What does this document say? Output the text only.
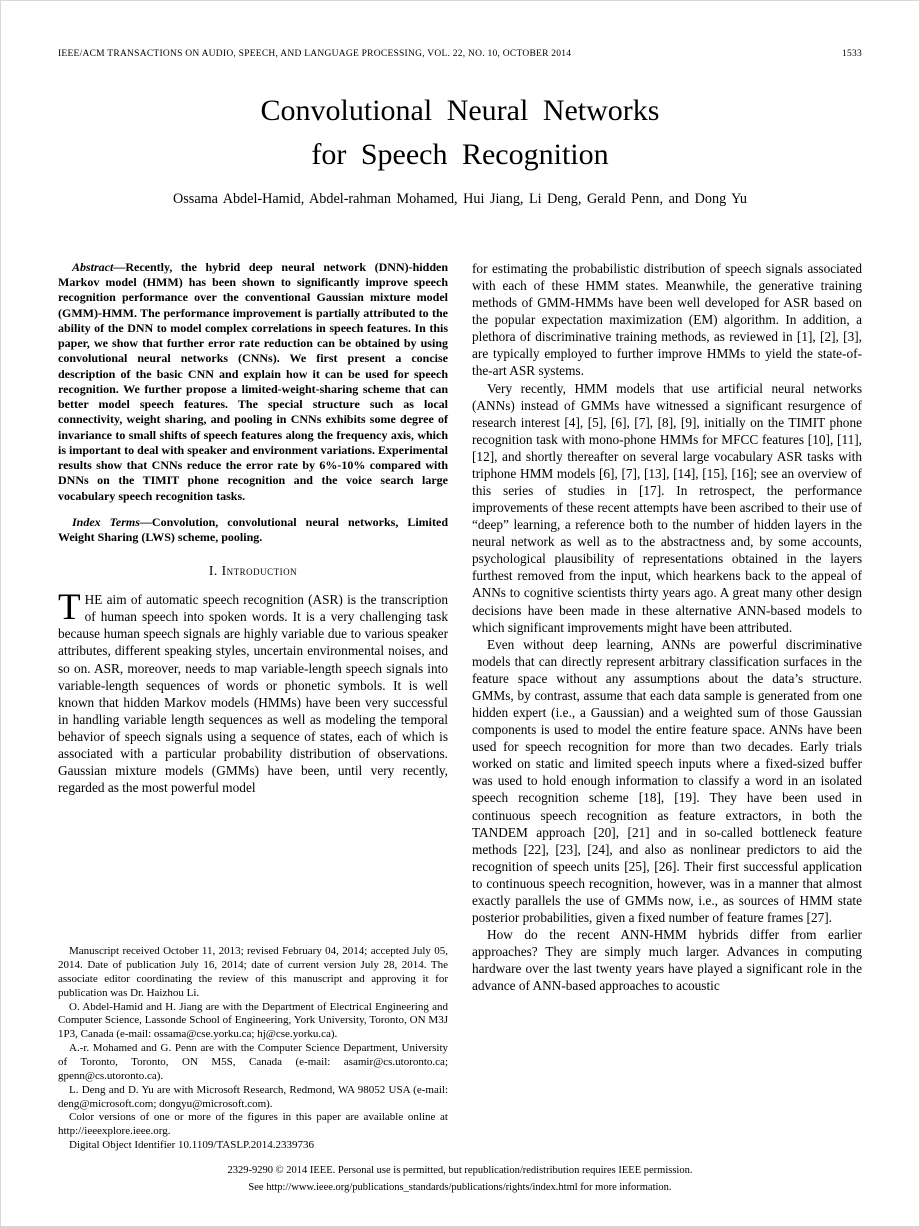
IEEE/ACM TRANSACTIONS ON AUDIO, SPEECH, AND LANGUAGE PROCESSING, VOL. 22, NO. 10, OCTOBER 2014	1533
Convolutional Neural Networks
for Speech Recognition
Ossama Abdel-Hamid, Abdel-rahman Mohamed, Hui Jiang, Li Deng, Gerald Penn, and Dong Yu

Abstract—Recently, the hybrid deep neural network (DNN)-hidden Markov model (HMM) has been shown to significantly improve speech recognition performance over the conventional Gaussian mixture model (GMM)-HMM. The performance improvement is partially attributed to the ability of the DNN to model complex correlations in speech features. In this paper, we show that further error rate reduction can be obtained by using convolutional neural networks (CNNs). We first present a concise description of the basic CNN and explain how it can be used for speech recognition. We further propose a limited-weight-sharing scheme that can better model speech features. The special structure such as local connectivity, weight sharing, and pooling in CNNs exhibits some degree of invariance to small shifts of speech features along the frequency axis, which is important to deal with speaker and environment variations. Experimental results show that CNNs reduce the error rate by 6%-10% compared with DNNs on the TIMIT phone recognition and the voice search large vocabulary speech recognition tasks.

Index Terms—Convolution, convolutional neural networks, Limited Weight Sharing (LWS) scheme, pooling.

I. Introduction

THE aim of automatic speech recognition (ASR) is the transcription of human speech into spoken words. It is a very challenging task because human speech signals are highly variable due to various speaker attributes, different speaking styles, uncertain environmental noises, and so on. ASR, moreover, needs to map variable-length speech signals into variable-length sequences of words or phonetic symbols. It is well known that hidden Markov models (HMMs) have been very successful in handling variable length sequences as well as modeling the temporal behavior of speech signals using a sequence of states, each of which is associated with a particular probability distribution of observations. Gaussian mixture models (GMMs) have been, until very recently, regarded as the most powerful model

Manuscript received October 11, 2013; revised February 04, 2014; accepted July 05, 2014. Date of publication July 16, 2014; date of current version July 28, 2014. The associate editor coordinating the review of this manuscript and approving it for publication was Dr. Haizhou Li.

O. Abdel-Hamid and H. Jiang are with the Department of Electrical Engineering and Computer Science, Lassonde School of Engineering, York University, Toronto, ON M3J 1P3, Canada (e-mail: ossama@cse.yorku.ca; hj@cse.yorku.ca).

A.-r. Mohamed and G. Penn are with the Computer Science Department, University of Toronto, Toronto, ON M5S, Canada (e-mail: asamir@cs.utoronto.ca; gpenn@cs.utoronto.ca).

L. Deng and D. Yu are with Microsoft Research, Redmond, WA 98052 USA (e-mail: deng@microsoft.com; dongyu@microsoft.com).

Color versions of one or more of the figures in this paper are available online at http://ieeexplore.ieee.org.

Digital Object Identifier 10.1109/TASLP.2014.2339736

for estimating the probabilistic distribution of speech signals associated with each of these HMM states. Meanwhile, the generative training methods of GMM-HMMs have been well developed for ASR based on the popular expectation maximization (EM) algorithm. In addition, a plethora of discriminative training methods, as reviewed in [1], [2], [3], are typically employed to further improve HMMs to yield the state-of-the-art ASR systems.

Very recently, HMM models that use artificial neural networks (ANNs) instead of GMMs have witnessed a significant resurgence of research interest [4], [5], [6], [7], [8], [9], initially on the TIMIT phone recognition task with mono-phone HMMs for MFCC features [10], [11], [12], and shortly thereafter on several large vocabulary ASR tasks with triphone HMM models [6], [7], [13], [14], [15], [16]; see an overview of this series of studies in [17]. In retrospect, the performance improvements of these recent attempts have been ascribed to their use of “deep” learning, a reference both to the number of hidden layers in the neural network as well as to the abstractness and, by some accounts, psychological plausibility of representations obtained in the layers furthest removed from the input, which hearkens back to the appeal of ANNs to cognitive scientists thirty years ago. A great many other design decisions have been made in these alternative ANN-based models to which significant improvements might have been attributed.

Even without deep learning, ANNs are powerful discriminative models that can directly represent arbitrary classification surfaces in the feature space without any assumptions about the data’s structure. GMMs, by contrast, assume that each data sample is generated from one hidden expert (i.e., a Gaussian) and a weighted sum of those Gaussian components is used to model the entire feature space. ANNs have been used for speech recognition for more than two decades. Early trials worked on static and limited speech inputs where a fixed-sized buffer was used to hold enough information to classify a word in an isolated speech recognition scheme [18], [19]. They have been used in continuous speech recognition as feature extractors, in both the TANDEM approach [20], [21] and in so-called bottleneck feature methods [22], [23], [24], and also as nonlinear predictors to aid the recognition of speech units [25], [26]. Their first successful application to continuous speech recognition, however, was in a manner that almost exactly parallels the use of GMMs now, i.e., as sources of HMM state posterior probabilities, given a fixed number of feature frames [27].

How do the recent ANN-HMM hybrids differ from earlier approaches? They are simply much larger. Advances in computing hardware over the last twenty years have played a significant role in the advance of ANN-based approaches to acoustic

2329-9290 © 2014 IEEE. Personal use is permitted, but republication/redistribution requires IEEE permission.
See http://www.ieee.org/publications_standards/publications/rights/index.html for more information.
